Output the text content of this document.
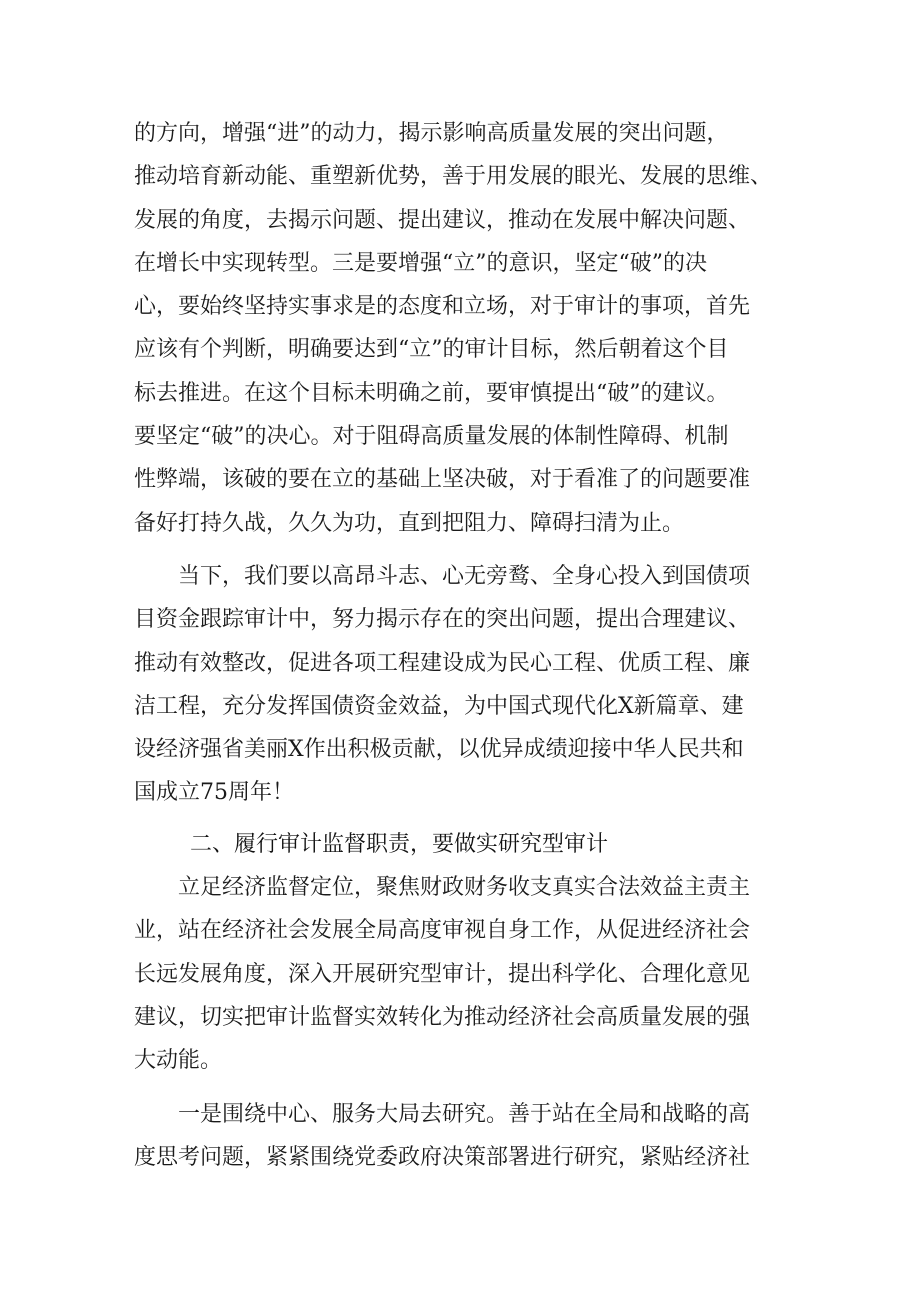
的方向，增强“进”的动力，揭示影响高质量发展的突出问题，
推动培育新动能、重塑新优势，善于用发展的眼光、发展的思维、
发展的角度，去揭示问题、提出建议，推动在发展中解决问题、
在增长中实现转型。三是要增强“立”的意识，坚定“破”的决
心，要始终坚持实事求是的态度和立场，对于审计的事项，首先
应该有个判断，明确要达到“立”的审计目标，然后朝着这个目
标去推进。在这个目标未明确之前，要审慎提出“破”的建议。
要坚定“破”的决心。对于阻碍高质量发展的体制性障碍、机制
性弊端，该破的要在立的基础上坚决破，对于看准了的问题要准
备好打持久战，久久为功，直到把阻力、障碍扫清为止。
　　当下，我们要以高昂斗志、心无旁鹜、全身心投入到国债项
目资金跟踪审计中，努力揭示存在的突出问题，提出合理建议、
推动有效整改，促进各项工程建设成为民心工程、优质工程、廉
洁工程，充分发挥国债资金效益，为中国式现代化X新篇章、建
设经济强省美丽X作出积极贡献，以优异成绩迎接中华人民共和
国成立75周年！
二、履行审计监督职责，要做实研究型审计
　　立足经济监督定位，聚焦财政财务收支真实合法效益主责主
业，站在经济社会发展全局高度审视自身工作，从促进经济社会
长远发展角度，深入开展研究型审计，提出科学化、合理化意见
建议，切实把审计监督实效转化为推动经济社会高质量发展的强
大动能。
　　一是围绕中心、服务大局去研究。善于站在全局和战略的高
度思考问题，紧紧围绕党委政府决策部署进行研究，紧贴经济社
